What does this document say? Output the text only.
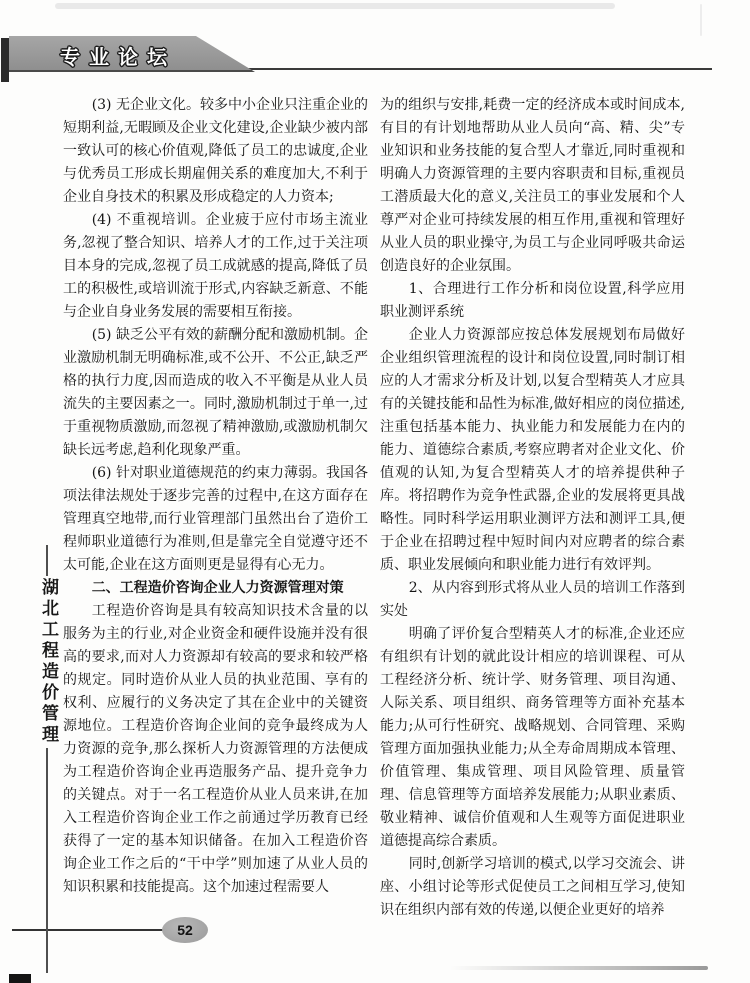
专业论坛
湖北工程造价管理

(3) 无企业文化。较多中小企业只注重企业的短期利益,无暇顾及企业文化建设,企业缺少被内部一致认可的核心价值观,降低了员工的忠诚度,企业与优秀员工形成长期雇佣关系的难度加大,不利于企业自身技术的积累及形成稳定的人力资本;

(4) 不重视培训。企业疲于应付市场主流业务,忽视了整合知识、培养人才的工作,过于关注项目本身的完成,忽视了员工成就感的提高,降低了员工的积极性,或培训流于形式,内容缺乏新意、不能与企业自身业务发展的需要相互衔接。

(5) 缺乏公平有效的薪酬分配和激励机制。企业激励机制无明确标准,或不公开、不公正,缺乏严格的执行力度,因而造成的收入不平衡是从业人员流失的主要因素之一。同时,激励机制过于单一,过于重视物质激励,而忽视了精神激励,或激励机制欠缺长远考虑,趋利化现象严重。

(6) 针对职业道德规范的约束力薄弱。我国各项法律法规处于逐步完善的过程中,在这方面存在管理真空地带,而行业管理部门虽然出台了造价工程师职业道德行为准则,但是靠完全自觉遵守还不太可能,企业在这方面则更是显得有心无力。

二、工程造价咨询企业人力资源管理对策

工程造价咨询是具有较高知识技术含量的以服务为主的行业,对企业资金和硬件设施并没有很高的要求,而对人力资源却有较高的要求和较严格的规定。同时造价从业人员的执业范围、享有的权利、应履行的义务决定了其在企业中的关键资源地位。工程造价咨询企业间的竞争最终成为人力资源的竞争,那么探析人力资源管理的方法便成为工程造价咨询企业再造服务产品、提升竞争力的关键点。对于一名工程造价从业人员来讲,在加入工程造价咨询企业工作之前通过学历教育已经获得了一定的基本知识储备。在加入工程造价咨询企业工作之后的“干中学”则加速了从业人员的知识积累和技能提高。这个加速过程需要人

为的组织与安排,耗费一定的经济成本或时间成本,有目的有计划地帮助从业人员向“高、精、尖”专业知识和业务技能的复合型人才靠近,同时重视和明确人力资源管理的主要内容职责和目标,重视员工潜质最大化的意义,关注员工的事业发展和个人尊严对企业可持续发展的相互作用,重视和管理好从业人员的职业操守,为员工与企业同呼吸共命运创造良好的企业氛围。

1、合理进行工作分析和岗位设置,科学应用职业测评系统

企业人力资源部应按总体发展规划布局做好企业组织管理流程的设计和岗位设置,同时制订相应的人才需求分析及计划,以复合型精英人才应具有的关键技能和品性为标准,做好相应的岗位描述,注重包括基本能力、执业能力和发展能力在内的能力、道德综合素质,考察应聘者对企业文化、价值观的认知,为复合型精英人才的培养提供种子库。将招聘作为竞争性武器,企业的发展将更具战略性。同时科学运用职业测评方法和测评工具,便于企业在招聘过程中短时间内对应聘者的综合素质、职业发展倾向和职业能力进行有效评判。

2、从内容到形式将从业人员的培训工作落到实处

明确了评价复合型精英人才的标准,企业还应有组织有计划的就此设计相应的培训课程、可从工程经济分析、统计学、财务管理、项目沟通、人际关系、项目组织、商务管理等方面补充基本能力;从可行性研究、战略规划、合同管理、采购管理方面加强执业能力;从全寿命周期成本管理、价值管理、集成管理、项目风险管理、质量管理、信息管理等方面培养发展能力;从职业素质、敬业精神、诚信价值观和人生观等方面促进职业道德提高综合素质。

同时,创新学习培训的模式,以学习交流会、讲座、小组讨论等形式促使员工之间相互学习,使知识在组织内部有效的传递,以便企业更好的培养

52
